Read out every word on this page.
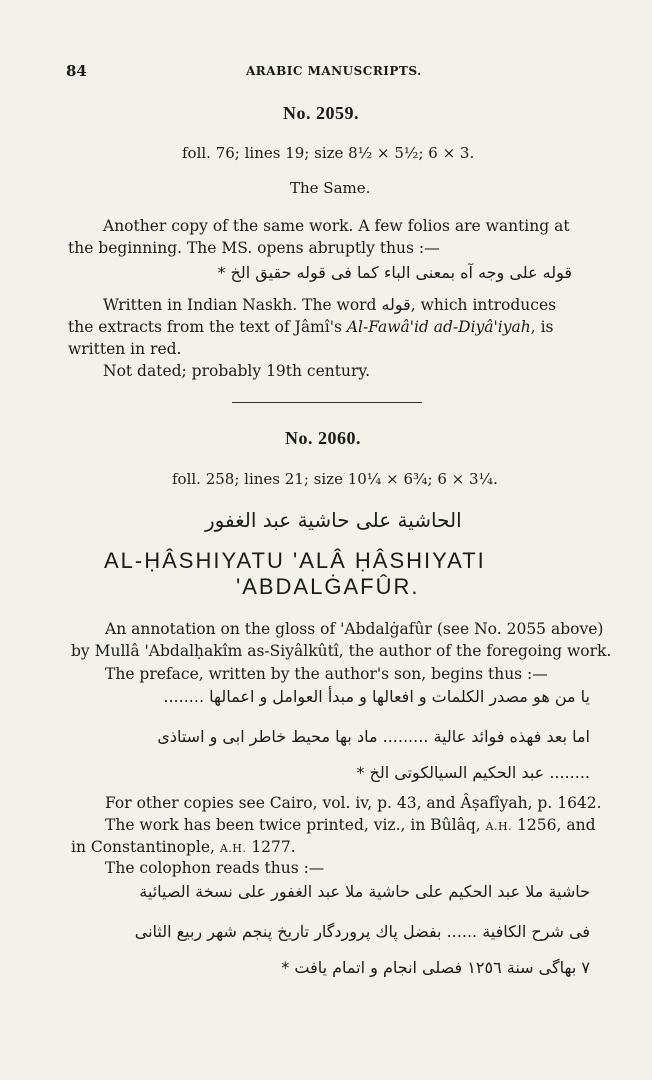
84	ARABIC MANUSCRIPTS.
No. 2059.
foll. 76; lines 19; size 8½ × 5½; 6 × 3.
The Same.
Another copy of the same work. A few folios are wanting at
the beginning. The MS. opens abruptly thus :—
قوله على وجه آه بمعنى الباء كما فى قوله حقيق الخ *
Written in Indian Naskh. The word قوله, which introduces
the extracts from the text of Jâmî's Al-Fawâ'id ad-Diyâ'iyah, is
written in red.
Not dated; probably 19th century.
No. 2060.
foll. 258; lines 21; size 10¼ × 6¾; 6 × 3¼.
الحاشية على حاشية عبد الغفور
AL-ḤÂSHIYATU 'ALÂ ḤÂSHIYATI
'ABDALĠAFÛR.
An annotation on the gloss of 'Abdalġafûr (see No. 2055 above)
by Mullâ 'Abdalḥakîm as-Siyâlkûtî, the author of the foregoing work.
The preface, written by the author's son, begins thus :—
يا من هو مصدر الكلمات و افعالها و مبدأ العوامل و اعمالها ........
اما بعد فهذه فوائد عالية ......... ماد بها محيط خاطر ابى و استاذى
........ عبد الحكيم السيالكوتى الخ *
For other copies see Cairo, vol. iv, p. 43, and Âṣafîyah, p. 1642.
The work has been twice printed, viz., in Bûlâq, A.H. 1256, and
in Constantinople, A.H. 1277.
The colophon reads thus :—
حاشية ملا عبد الحكيم على حاشية ملا عبد الغفور على نسخة الصيائية
فى شرح الكافية ...... بفضل پاك پروردگار تاريخ پنجم شهر ربيع الثانى
۷ بهاگى سنة ١٢٥٦ فصلى انجام و اتمام يافت *
